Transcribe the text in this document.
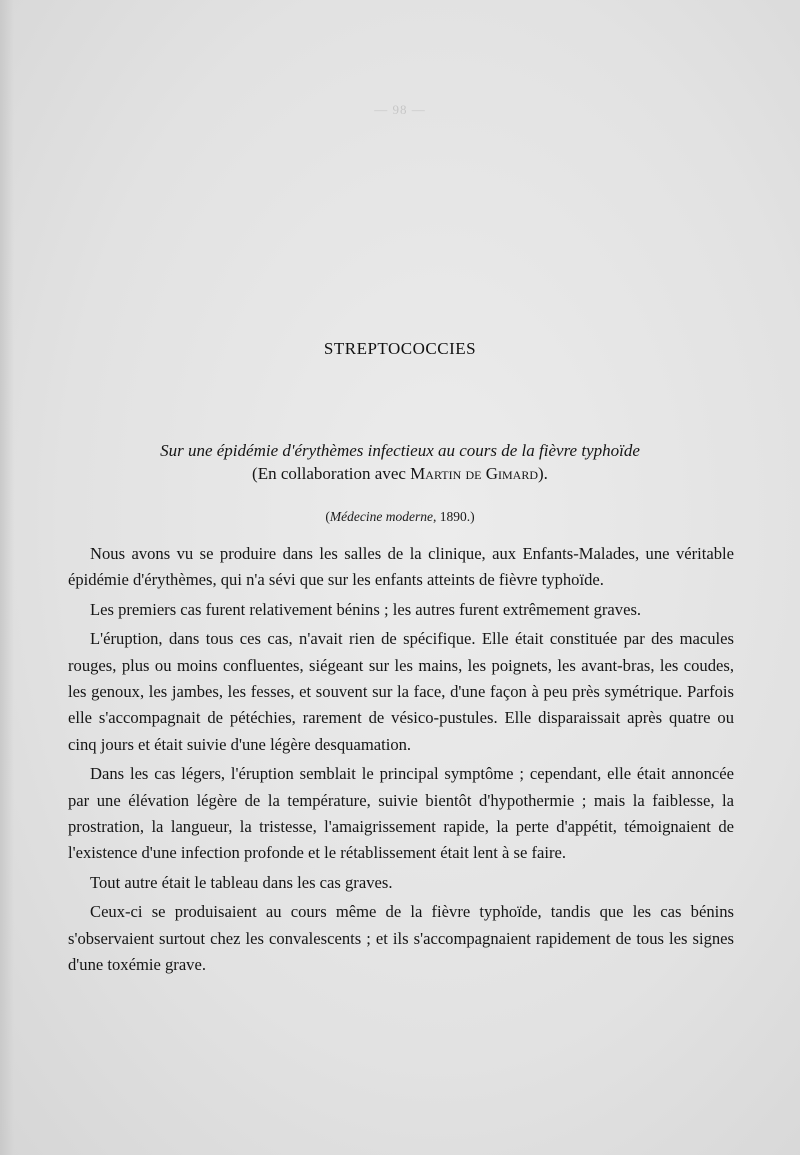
— 98 —
STREPTOCOCCIES
Sur une épidémie d'érythèmes infectieux au cours de la fièvre typhoïde
(En collaboration avec Martin de Gimard).
(Médecine moderne, 1890.)

Nous avons vu se produire dans les salles de la clinique, aux Enfants-Malades, une véritable épidémie d'érythèmes, qui n'a sévi que sur les enfants atteints de fièvre typhoïde.

Les premiers cas furent relativement bénins ; les autres furent extrêmement graves.

L'éruption, dans tous ces cas, n'avait rien de spécifique. Elle était constituée par des macules rouges, plus ou moins confluentes, siégeant sur les mains, les poignets, les avant-bras, les coudes, les genoux, les jambes, les fesses, et souvent sur la face, d'une façon à peu près symétrique. Parfois elle s'accompagnait de pétéchies, rarement de vésico-pustules. Elle disparaissait après quatre ou cinq jours et était suivie d'une légère desquamation.

Dans les cas légers, l'éruption semblait le principal symptôme ; cependant, elle était annoncée par une élévation légère de la température, suivie bientôt d'hypothermie ; mais la faiblesse, la prostration, la langueur, la tristesse, l'amaigrissement rapide, la perte d'appétit, témoignaient de l'existence d'une infection profonde et le rétablissement était lent à se faire.

Tout autre était le tableau dans les cas graves.

Ceux-ci se produisaient au cours même de la fièvre typhoïde, tandis que les cas bénins s'observaient surtout chez les convalescents ; et ils s'accompagnaient rapidement de tous les signes d'une toxémie grave.
